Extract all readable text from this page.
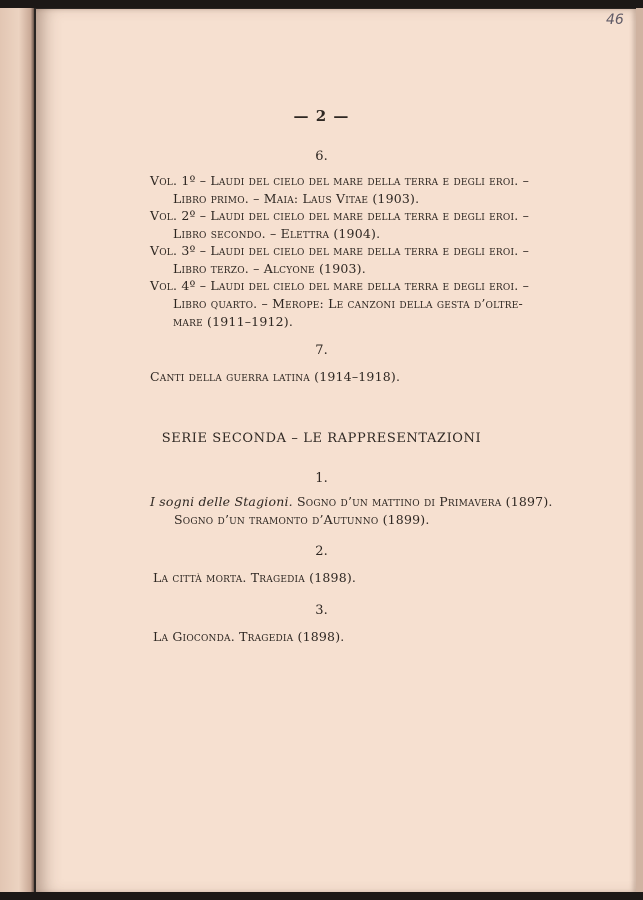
46
— 2 —
6.
Vol. 1º – Laudi del cielo del mare della terra e degli eroi. –
Libro primo. – Maia: Laus Vitae (1903).
Vol. 2º – Laudi del cielo del mare della terra e degli eroi. –
Libro secondo. – Elettra (1904).
Vol. 3º – Laudi del cielo del mare della terra e degli eroi. –
Libro terzo. – Alcyone (1903).
Vol. 4º – Laudi del cielo del mare della terra e degli eroi. –
Libro quarto. – Merope: Le canzoni della gesta d’oltre-
mare (1911–1912).
7.
Canti della guerra latina (1914–1918).
SERIE SECONDA – LE RAPPRESENTAZIONI
1.
I sogni delle Stagioni. Sogno d’un mattino di Primavera (1897).
Sogno d’un tramonto d’Autunno (1899).
2.
La città morta. Tragedia (1898).
3.
La Gioconda. Tragedia (1898).
